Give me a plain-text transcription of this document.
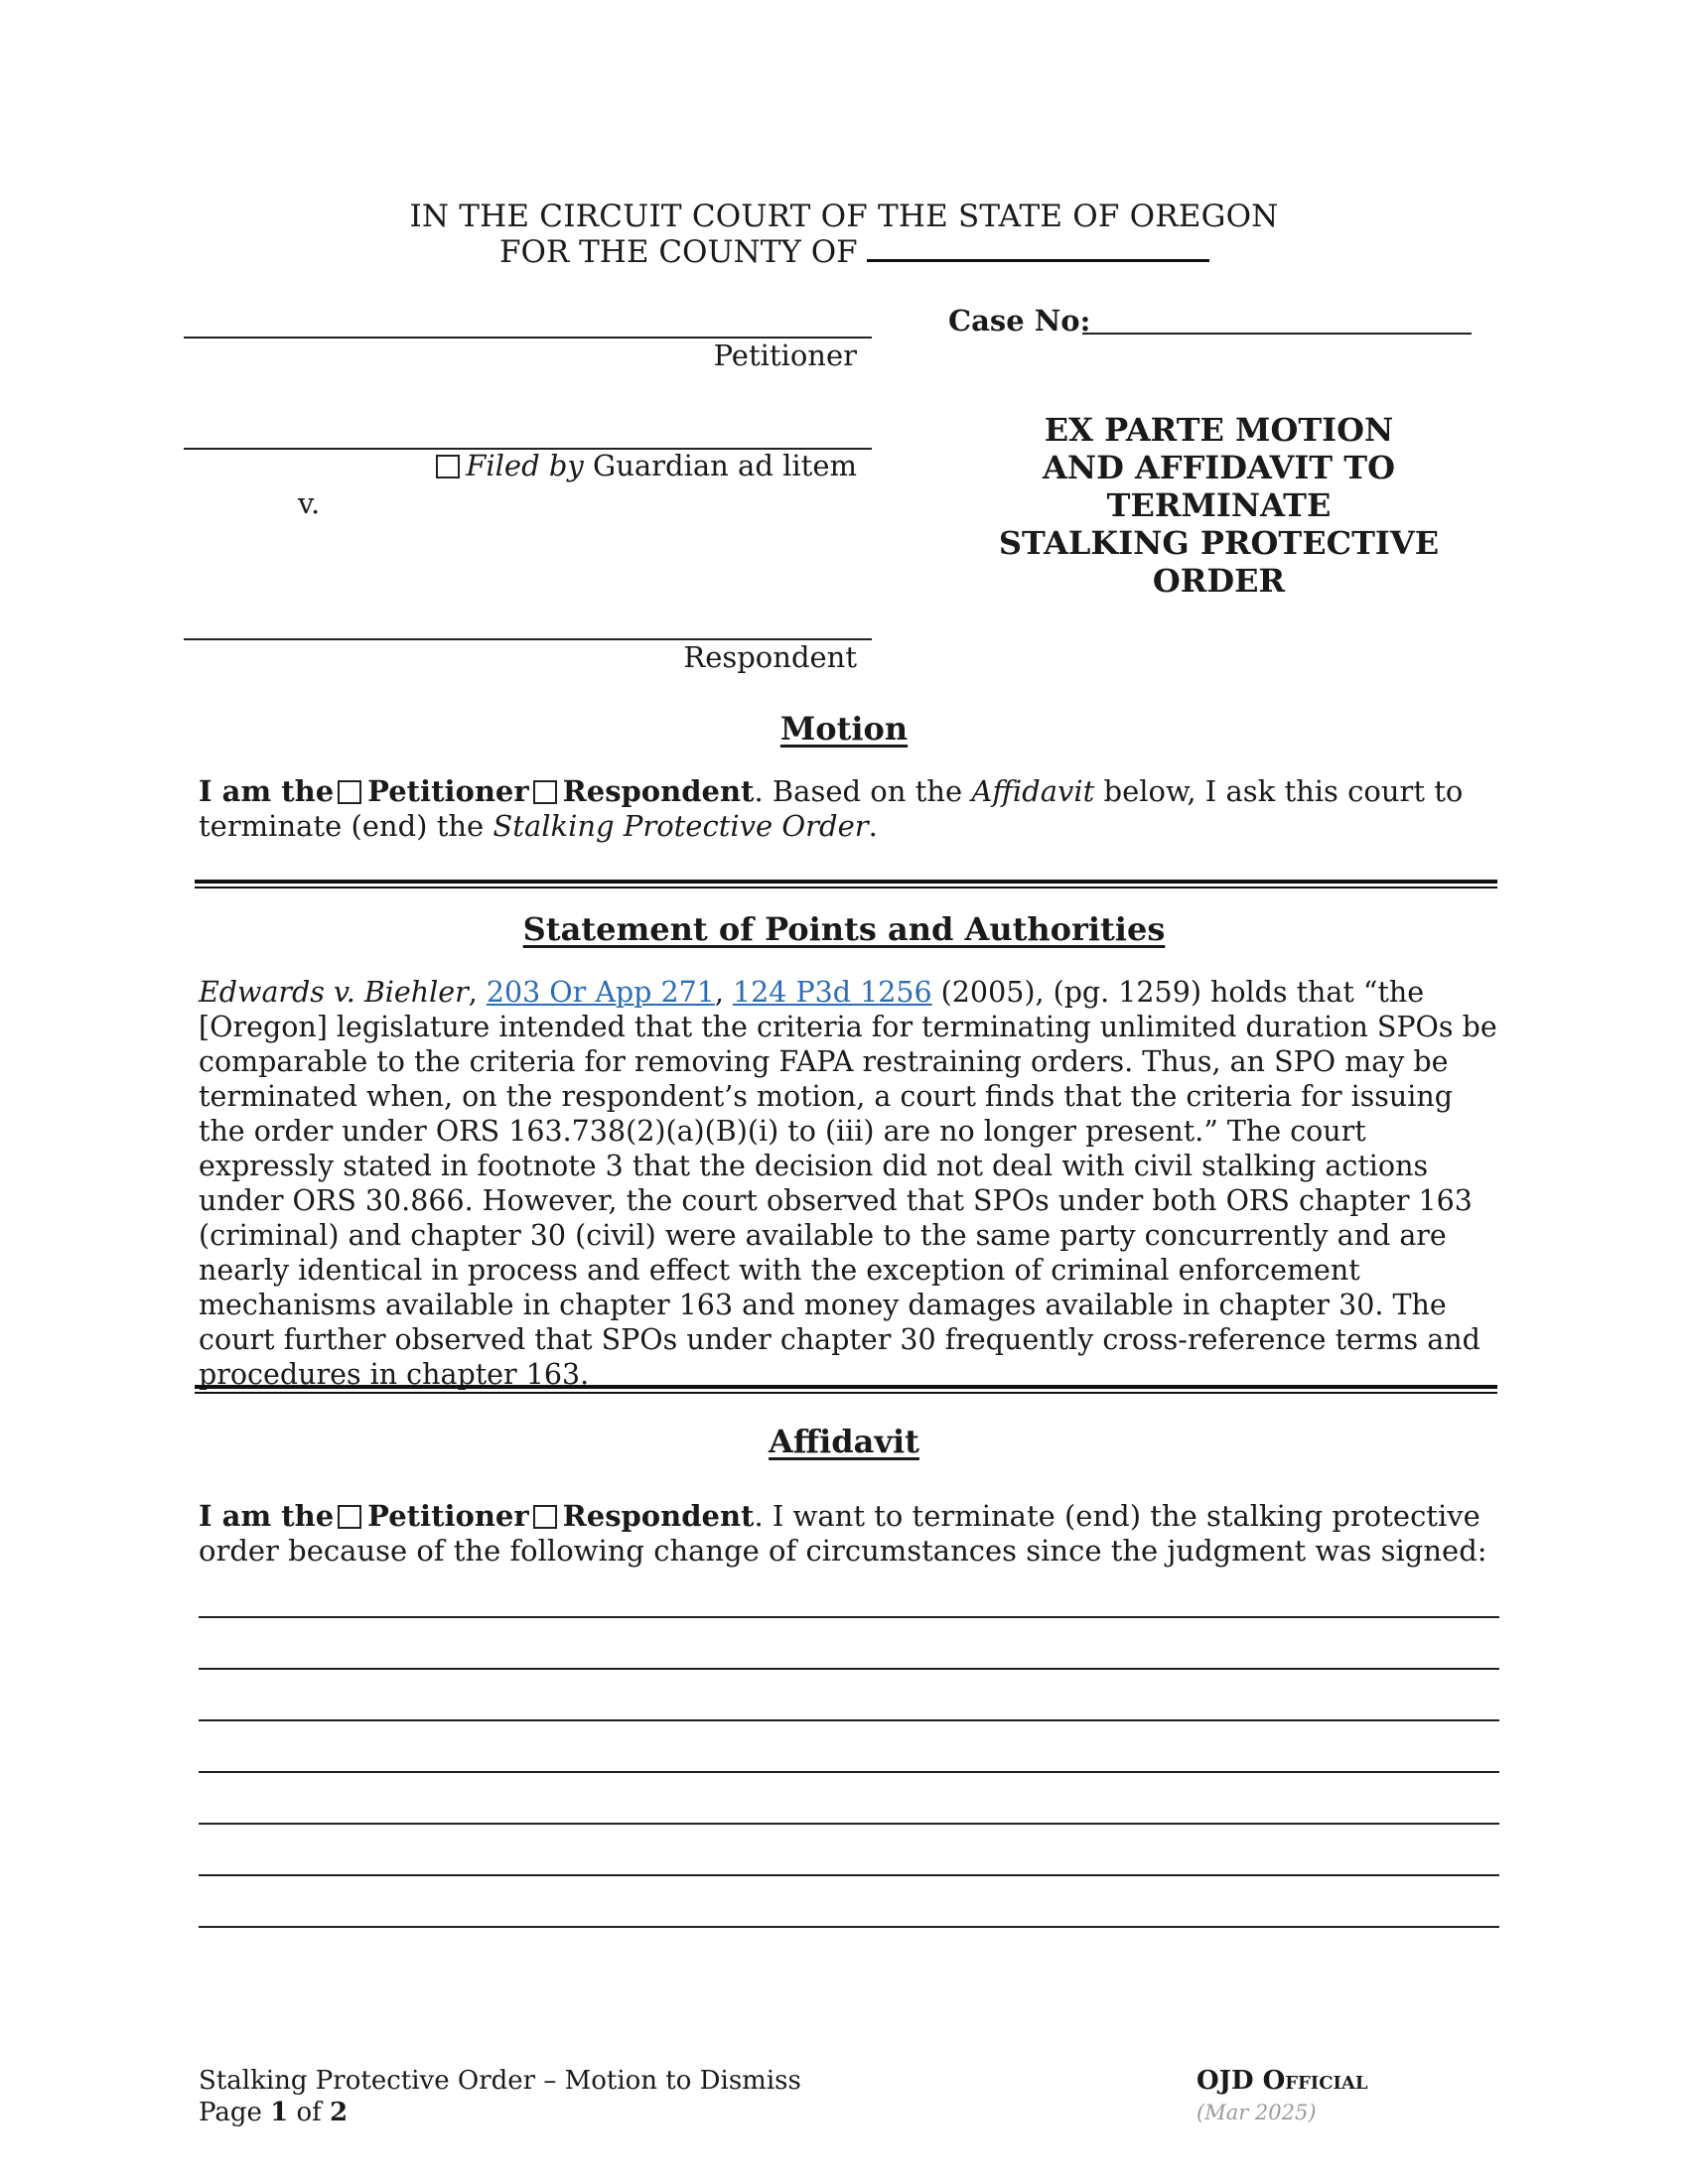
IN THE CIRCUIT COURT OF THE STATE OF OREGON
FOR THE COUNTY OF
Petitioner
Filed by Guardian ad litem
v.
Respondent
Case No:
EX PARTE MOTION
AND AFFIDAVIT TO
TERMINATE
STALKING PROTECTIVE
ORDER
Motion
I am the Petitioner Respondent. Based on the Affidavit below, I ask this court to terminate (end) the Stalking Protective Order.
Statement of Points and Authorities
Edwards v. Biehler, 203 Or App 271, 124 P3d 1256 (2005), (pg. 1259) holds that “the [Oregon] legislature intended that the criteria for terminating unlimited duration SPOs be comparable to the criteria for removing FAPA restraining orders. Thus, an SPO may be terminated when, on the respondent’s motion, a court finds that the criteria for issuing the order under ORS 163.738(2)(a)(B)(i) to (iii) are no longer present.” The court expressly stated in footnote 3 that the decision did not deal with civil stalking actions under ORS 30.866. However, the court observed that SPOs under both ORS chapter 163 (criminal) and chapter 30 (civil) were available to the same party concurrently and are nearly identical in process and effect with the exception of criminal enforcement mechanisms available in chapter 163 and money damages available in chapter 30. The court further observed that SPOs under chapter 30 frequently cross-reference terms and procedures in chapter 163.
Affidavit
I am the Petitioner Respondent. I want to terminate (end) the stalking protective order because of the following change of circumstances since the judgment was signed:
Stalking Protective Order – Motion to Dismiss
Page 1 of 2
OJD Official
(Mar 2025)
